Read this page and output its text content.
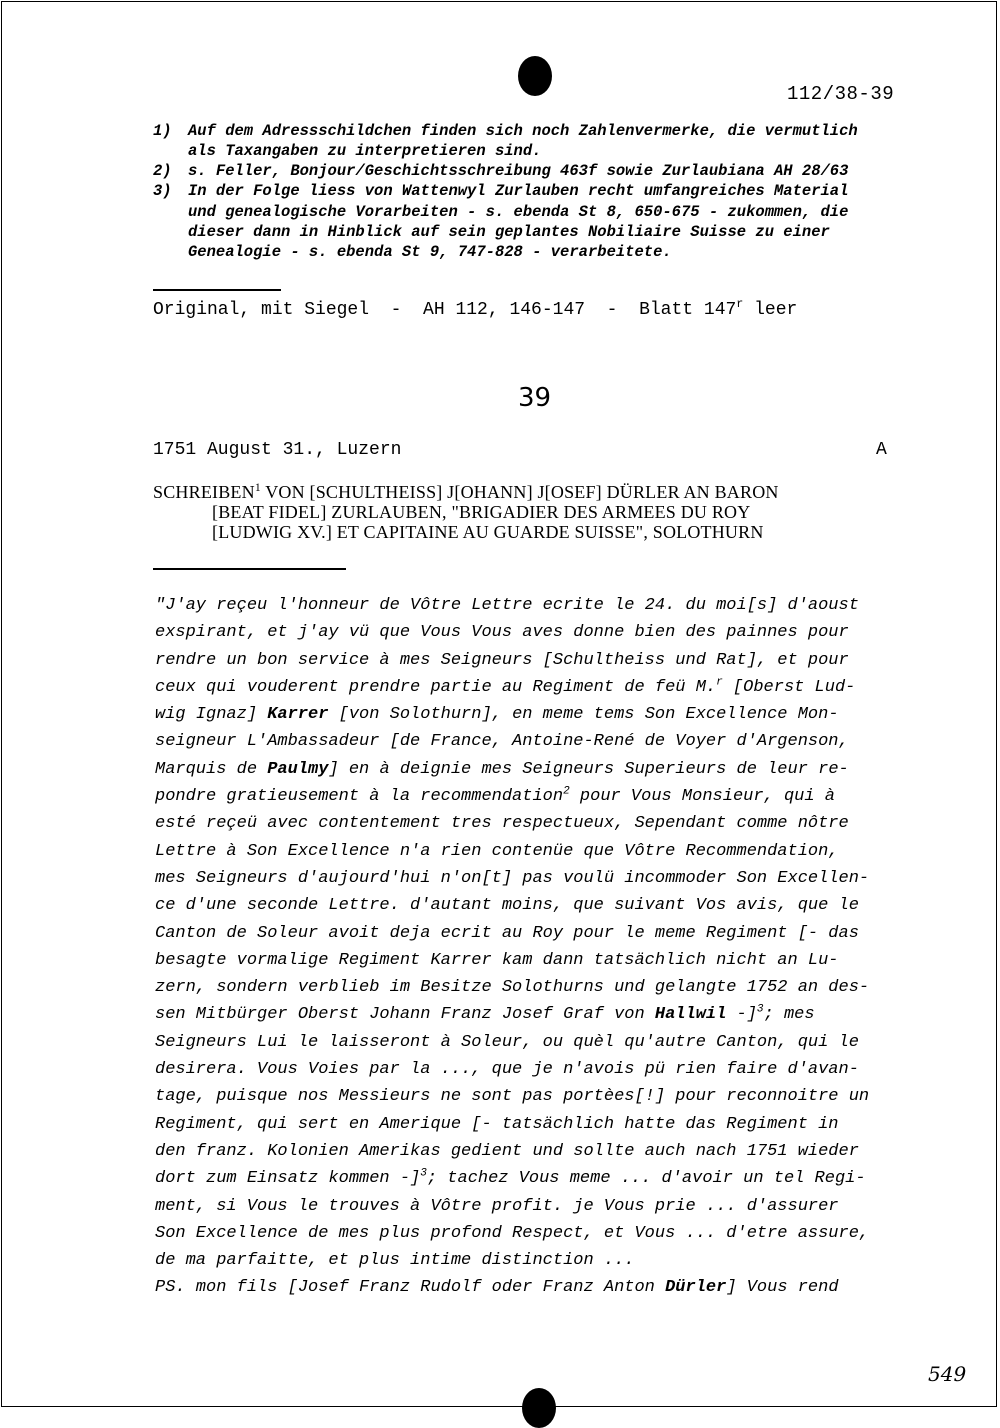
112/38-39
1) Auf dem Adressschildchen finden sich noch Zahlenvermerke, die vermutlich
als Taxangaben zu interpretieren sind.
2) s. Feller, Bonjour/Geschichtsschreibung 463f sowie Zurlaubiana AH 28/63
3) In der Folge liess von Wattenwyl Zurlauben recht umfangreiches Material
und genealogische Vorarbeiten - s. ebenda St 8, 650-675 - zukommen, die
dieser dann in Hinblick auf sein geplantes Nobiliaire Suisse zu einer
Genealogie - s. ebenda St 9, 747-828 - verarbeitete.
Original, mit Siegel  -  AH 112, 146-147  -  Blatt 147$^r$ leer
39
1751 August 31., Luzern	A
SCHREIBEN$^1$ VON [SCHULTHEISS] J[OHANN] J[OSEF] DÜRLER AN BARON
[BEAT FIDEL] ZURLAUBEN, "BRIGADIER DES ARMEES DU ROY
[LUDWIG XV.] ET CAPITAINE AU GUARDE SUISSE", SOLOTHURN
"J'ay reçeu l'honneur de Vôtre Lettre ecrite le 24. du moi[s] d'aoust
exspirant, et j'ay vü que Vous Vous aves donne bien des painnes pour
rendre un bon service à mes Seigneurs [Schultheiss und Rat], et pour
ceux qui vouderent prendre partie au Regiment de feü M.$^r$ [Oberst Lud-
wig Ignaz] Karrer [von Solothurn], en meme tems Son Excellence Mon-
seigneur L'Ambassadeur [de France, Antoine-René de Voyer d'Argenson,
Marquis de Paulmy] en à deignie mes Seigneurs Superieurs de leur re-
pondre gratieusement à la recommendation$^2$ pour Vous Monsieur, qui à
esté reçeü avec contentement tres respectueux, Sependant comme nôtre
Lettre à Son Excellence n'a rien contenüe que Vôtre Recommendation,
mes Seigneurs d'aujourd'hui n'on[t] pas voulü incommoder Son Excellen-
ce d'une seconde Lettre. d'autant moins, que suivant Vos avis, que le
Canton de Soleur avoit deja ecrit au Roy pour le meme Regiment [- das
besagte vormalige Regiment Karrer kam dann tatsächlich nicht an Lu-
zern, sondern verblieb im Besitze Solothurns und gelangte 1752 an des-
sen Mitbürger Oberst Johann Franz Josef Graf von Hallwil -]$^3$; mes
Seigneurs Lui le laisseront à Soleur, ou quèl qu'autre Canton, qui le
desirera. Vous Voies par la ..., que je n'avois pü rien faire d'avan-
tage, puisque nos Messieurs ne sont pas portèes[!] pour reconnoitre un
Regiment, qui sert en Amerique [- tatsächlich hatte das Regiment in
den franz. Kolonien Amerikas gedient und sollte auch nach 1751 wieder
dort zum Einsatz kommen -]$^3$; tachez Vous meme ... d'avoir un tel Regi-
ment, si Vous le trouves à Vôtre profit. je Vous prie ... d'assurer
Son Excellence de mes plus profond Respect, et Vous ... d'etre assure,
de ma parfaitte, et plus intime distinction ...
PS. mon fils [Josef Franz Rudolf oder Franz Anton Dürler] Vous rend
549
